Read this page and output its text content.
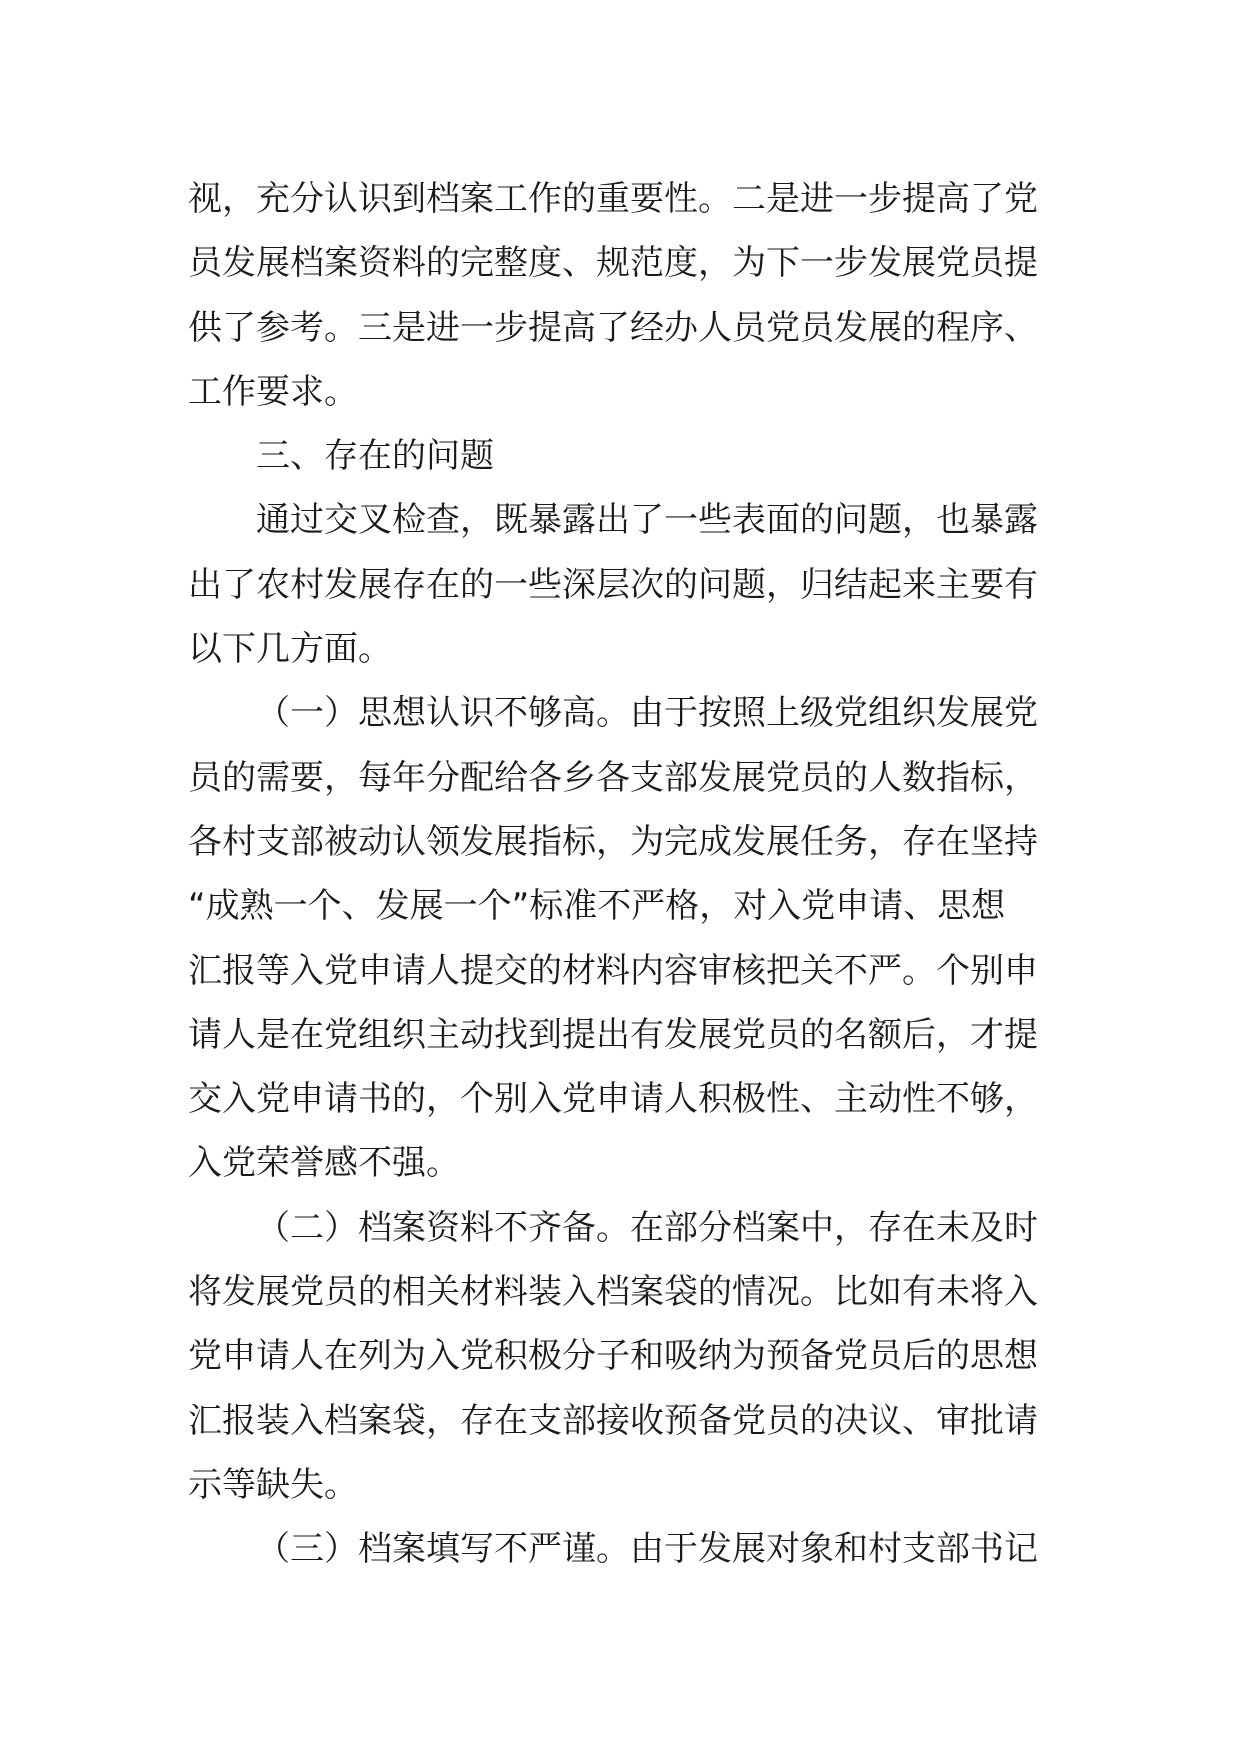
视，充分认识到档案工作的重要性。二是进一步提高了党
员发展档案资料的完整度、规范度，为下一步发展党员提
供了参考。三是进一步提高了经办人员党员发展的程序、
工作要求。
三、存在的问题
通过交叉检查，既暴露出了一些表面的问题，也暴露
出了农村发展存在的一些深层次的问题，归结起来主要有
以下几方面。
（一）思想认识不够高。由于按照上级党组织发展党
员的需要，每年分配给各乡各支部发展党员的人数指标，
各村支部被动认领发展指标，为完成发展任务，存在坚持
“成熟一个、发展一个”标准不严格，对入党申请、思想
汇报等入党申请人提交的材料内容审核把关不严。个别申
请人是在党组织主动找到提出有发展党员的名额后，才提
交入党申请书的，个别入党申请人积极性、主动性不够，
入党荣誉感不强。
（二）档案资料不齐备。在部分档案中，存在未及时
将发展党员的相关材料装入档案袋的情况。比如有未将入
党申请人在列为入党积极分子和吸纳为预备党员后的思想
汇报装入档案袋，存在支部接收预备党员的决议、审批请
示等缺失。
（三）档案填写不严谨。由于发展对象和村支部书记
